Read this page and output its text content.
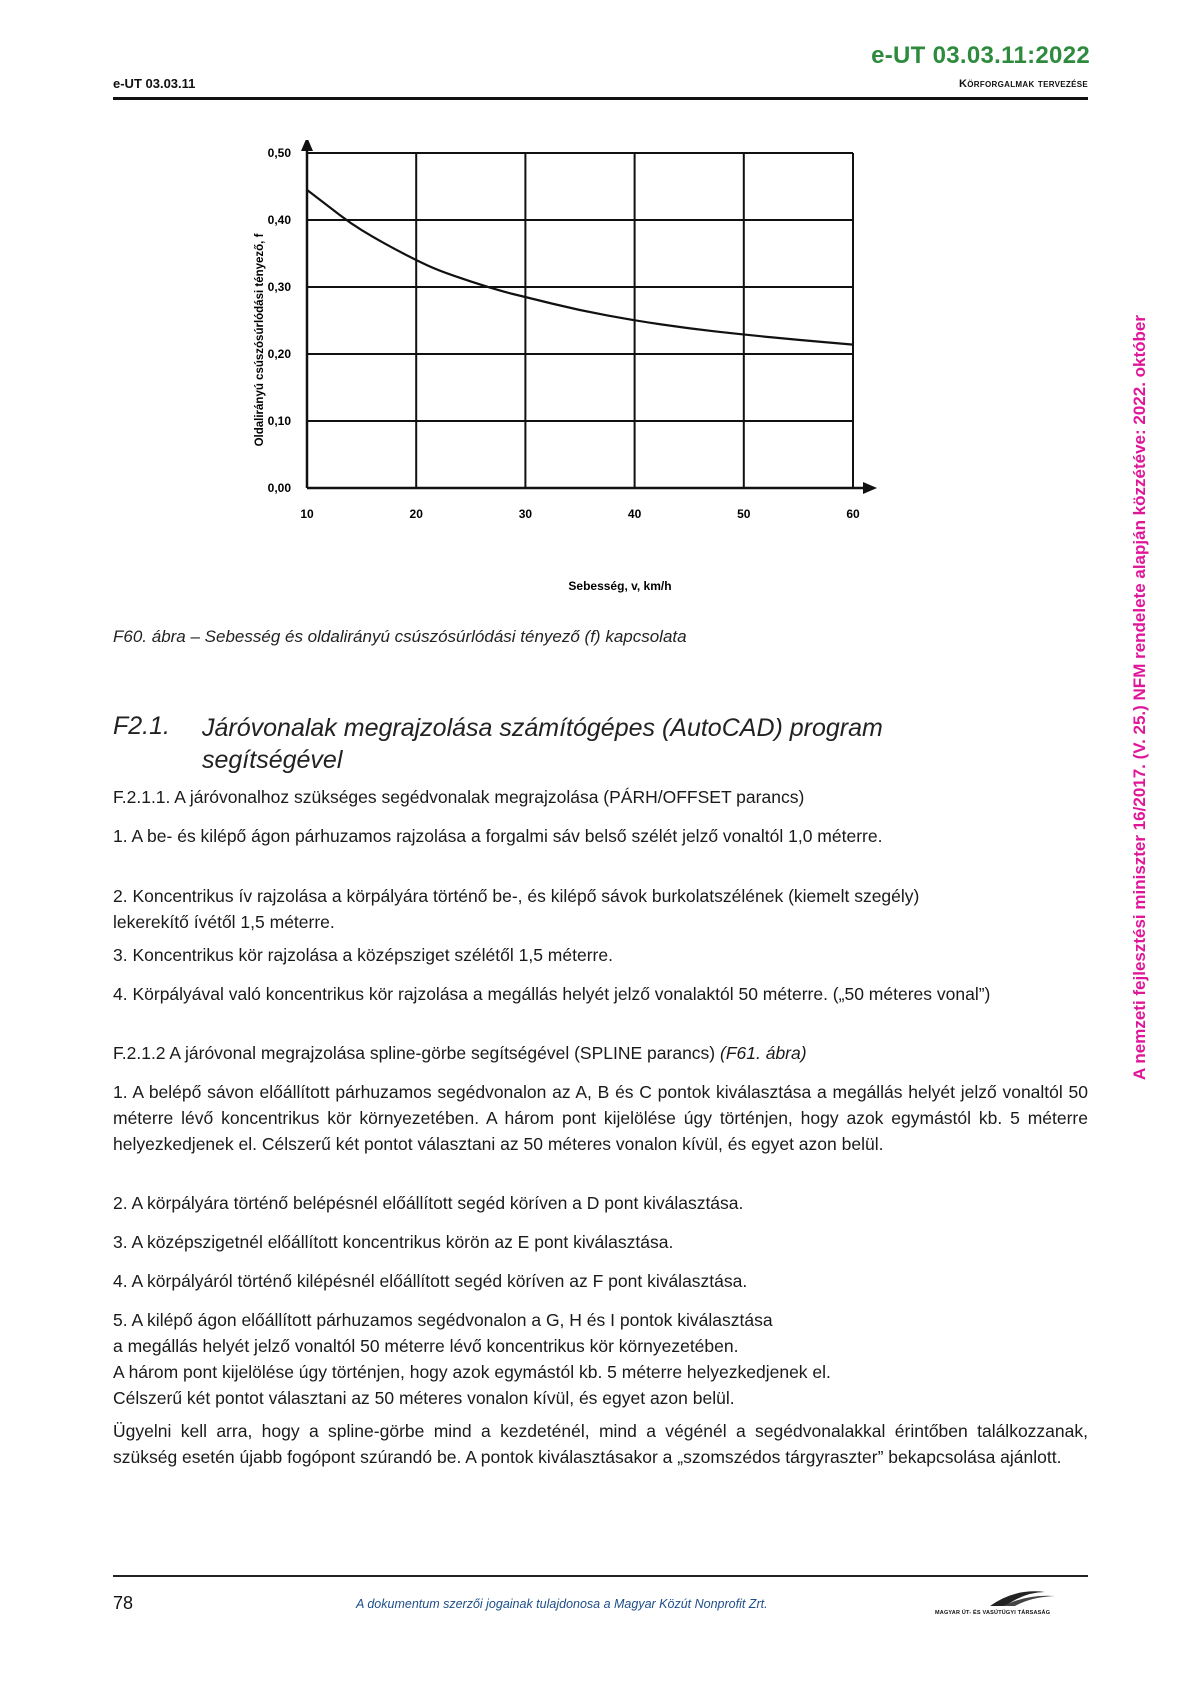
e-UT 03.03.11:2022
e-UT 03.03.11	Körforgalmak tervezése
A nemzeti fejlesztési miniszter 16/2017. (V. 25.) NFM rendelete alapján közzétéve: 2022. október
10	20	30	40	50	60
0,00
0,10
0,20
0,30
0,40
0,50
Sebesség, v, km/h
Oldalirányú csúszósúrlódási tényező, f
F60. ábra – Sebesség és oldalirányú csúszósúrlódási tényező (f) kapcsolata
F2.1. Járóvonalak megrajzolása számítógépes (AutoCAD) program segítségével
F.2.1.1. A járóvonalhoz szükséges segédvonalak megrajzolása (PÁRH/OFFSET parancs)
1. A be- és kilépő ágon párhuzamos rajzolása a forgalmi sáv belső szélét jelző vonaltól 1,0 méterre.
2. Koncentrikus ív rajzolása a körpályára történő be-, és kilépő sávok burkolatszélének (kiemelt szegély) lekerekítő ívétől 1,5 méterre.
3. Koncentrikus kör rajzolása a középsziget szélétől 1,5 méterre.
4. Körpályával való koncentrikus kör rajzolása a megállás helyét jelző vonalaktól 50 méterre. („50 méteres vonal”)
F.2.1.2 A járóvonal megrajzolása spline-görbe segítségével (SPLINE parancs) (F61. ábra)
1. A belépő sávon előállított párhuzamos segédvonalon az A, B és C pontok kiválasztása a megállás helyét jelző vonaltól 50 méterre lévő koncentrikus kör környezetében. A három pont kijelölése úgy történjen, hogy azok egymástól kb. 5 méterre helyezkedjenek el. Célszerű két pontot választani az 50 méteres vonalon kívül, és egyet azon belül.
2. A körpályára történő belépésnél előállított segéd köríven a D pont kiválasztása.
3. A középszigetnél előállított koncentrikus körön az E pont kiválasztása.
4. A körpályáról történő kilépésnél előállított segéd köríven az F pont kiválasztása.
5. A kilépő ágon előállított párhuzamos segédvonalon a G, H és I pontok kiválasztása
a megállás helyét jelző vonaltól 50 méterre lévő koncentrikus kör környezetében.
A három pont kijelölése úgy történjen, hogy azok egymástól kb. 5 méterre helyezkedjenek el.
Célszerű két pontot választani az 50 méteres vonalon kívül, és egyet azon belül.
Ügyelni kell arra, hogy a spline-görbe mind a kezdeténél, mind a végénél a segédvonalakkal érintőben találkozzanak, szükség esetén újabb fogópont szúrandó be. A pontok kiválasztásakor a „szomszédos tárgyraszter” bekapcsolása ajánlott.
78	A dokumentum szerzői jogainak tulajdonosa a Magyar Közút Nonprofit Zrt.
MAGYAR ÚT- ÉS VASÚTÜGYI TÁRSASÁG
